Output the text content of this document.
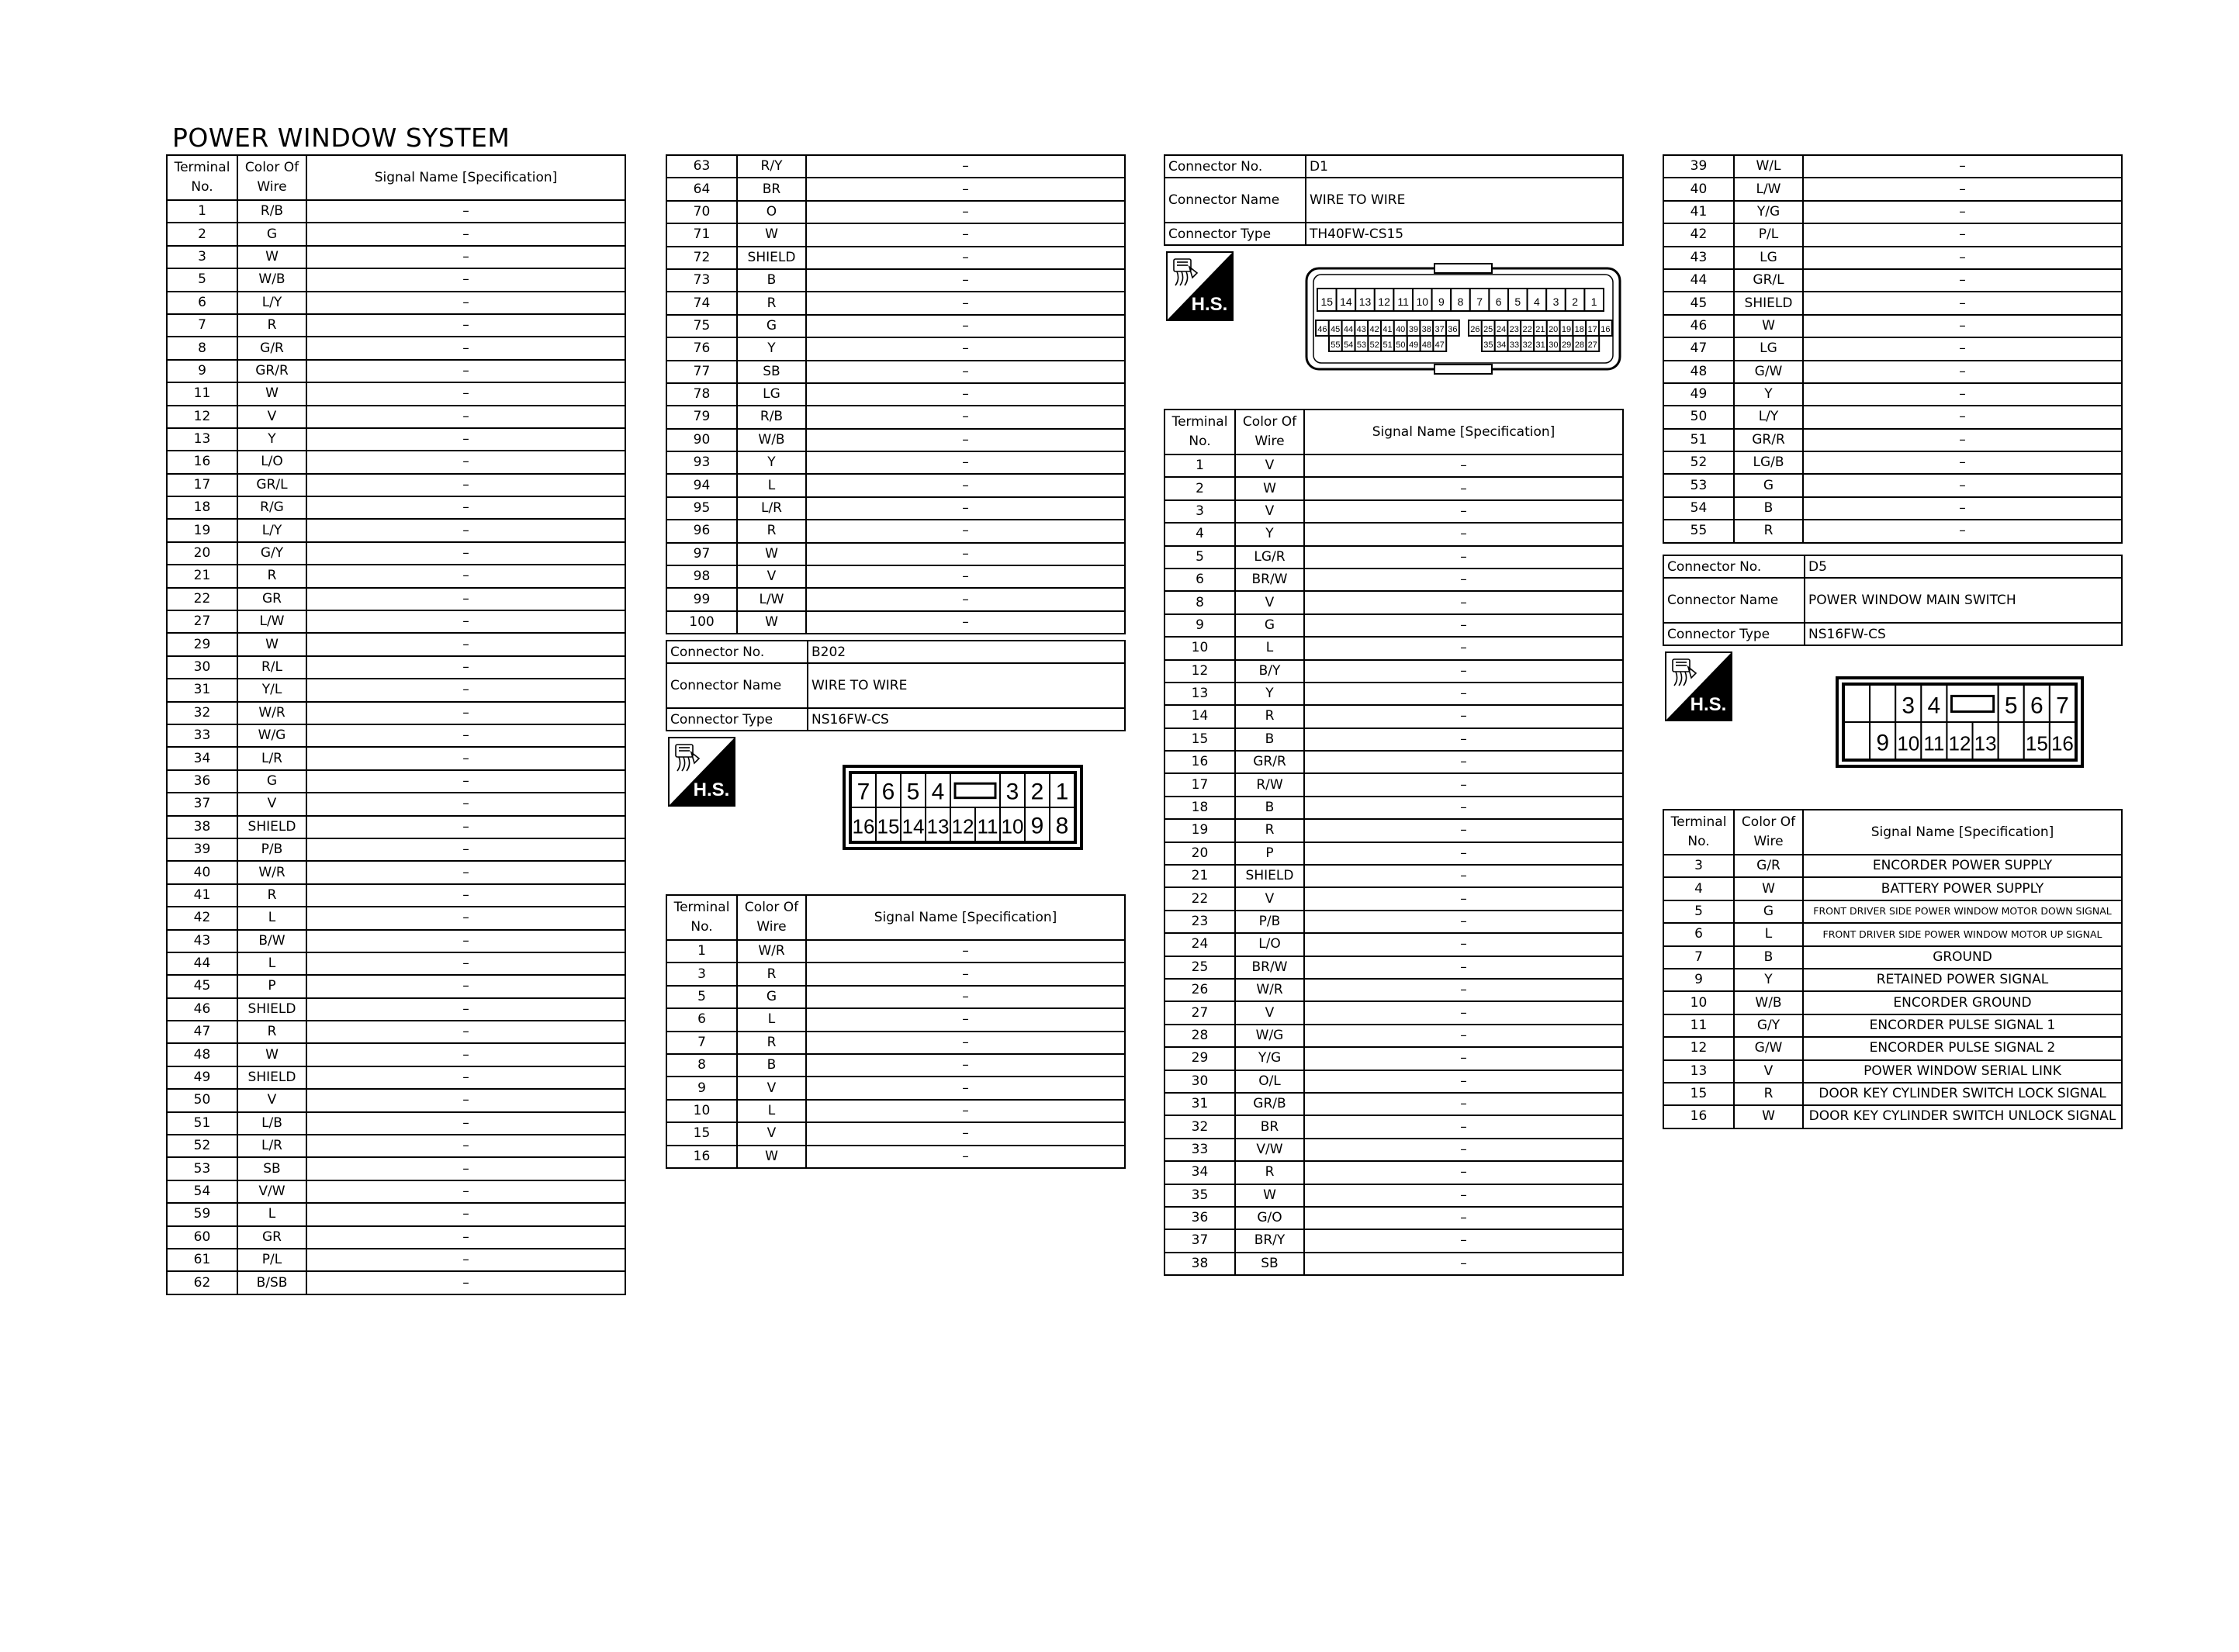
POWER WINDOW SYSTEM
Terminal No.	Color Of Wire	Signal Name [Specification]
1	R/B	–
2	G	–
3	W	–
5	W/B	–
6	L/Y	–
7	R	–
8	G/R	–
9	GR/R	–
11	W	–
12	V	–
13	Y	–
16	L/O	–
17	GR/L	–
18	R/G	–
19	L/Y	–
20	G/Y	–
21	R	–
22	GR	–
27	L/W	–
29	W	–
30	R/L	–
31	Y/L	–
32	W/R	–
33	W/G	–
34	L/R	–
36	G	–
37	V	–
38	SHIELD	–
39	P/B	–
40	W/R	–
41	R	–
42	L	–
43	B/W	–
44	L	–
45	P	–
46	SHIELD	–
47	R	–
48	W	–
49	SHIELD	–
50	V	–
51	L/B	–
52	L/R	–
53	SB	–
54	V/W	–
59	L	–
60	GR	–
61	P/L	–
62	B/SB	–
63	R/Y	–
64	BR	–
70	O	–
71	W	–
72	SHIELD	–
73	B	–
74	R	–
75	G	–
76	Y	–
77	SB	–
78	LG	–
79	R/B	–
90	W/B	–
93	Y	–
94	L	–
95	L/R	–
96	R	–
97	W	–
98	V	–
99	L/W	–
100	W	–
Connector No.	B202
Connector Name	WIRE TO WIRE
Connector Type	NS16FW-CS
H.S.	7 6 5 4	3 2 1
16 15 14 13 12 11 10 9 8
Terminal No.	Color Of Wire	Signal Name [Specification]
1	W/R	–
3	R	–
5	G	–
6	L	–
7	R	–
8	B	–
9	V	–
10	L	–
15	V	–
16	W	–
Connector No.	D1
Connector Name	WIRE TO WIRE
Connector Type	TH40FW-CS15
H.S.	15 14 13 12 11 10 9 8 7 6 5 4 3 2 1
46 45 44 43 42 41 40 39 38 37 36 26 25 24 23 22 21 20 19 18 17 16
55 54 53 52 51 50 49 48 47	35 34 33 32 31 30 29 28 27
Terminal No.	Color Of Wire	Signal Name [Specification]
1	V	–
2	W	–
3	V	–
4	Y	–
5	LG/R	–
6	BR/W	–
8	V	–
9	G	–
10	L	–
12	B/Y	–
13	Y	–
14	R	–
15	B	–
16	GR/R	–
17	R/W	–
18	B	–
19	R	–
20	P	–
21	SHIELD	–
22	V	–
23	P/B	–
24	L/O	–
25	BR/W	–
26	W/R	–
27	V	–
28	W/G	–
29	Y/G	–
30	O/L	–
31	GR/B	–
32	BR	–
33	V/W	–
34	R	–
35	W	–
36	G/O	–
37	BR/Y	–
38	SB	–
39	W/L	–
40	L/W	–
41	Y/G	–
42	P/L	–
43	LG	–
44	GR/L	–
45	SHIELD	–
46	W	–
47	LG	–
48	G/W	–
49	Y	–
50	L/Y	–
51	GR/R	–
52	LG/B	–
53	G	–
54	B	–
55	R	–
Connector No.	D5
Connector Name	POWER WINDOW MAIN SWITCH
Connector Type	NS16FW-CS
H.S.	3 4	5 6 7
9 10 11 12 13 15 16
Terminal No.	Color Of Wire	Signal Name [Specification]
3	G/R	ENCORDER POWER SUPPLY
4	W	BATTERY POWER SUPPLY
5	G	FRONT DRIVER SIDE POWER WINDOW MOTOR DOWN SIGNAL
6	L	FRONT DRIVER SIDE POWER WINDOW MOTOR UP SIGNAL
7	B	GROUND
9	Y	RETAINED POWER SIGNAL
10	W/B	ENCORDER GROUND
11	G/Y	ENCORDER PULSE SIGNAL 1
12	G/W	ENCORDER PULSE SIGNAL 2
13	V	POWER WINDOW SERIAL LINK
15	R	DOOR KEY CYLINDER SWITCH LOCK SIGNAL
16	W	DOOR KEY CYLINDER SWITCH UNLOCK SIGNAL
